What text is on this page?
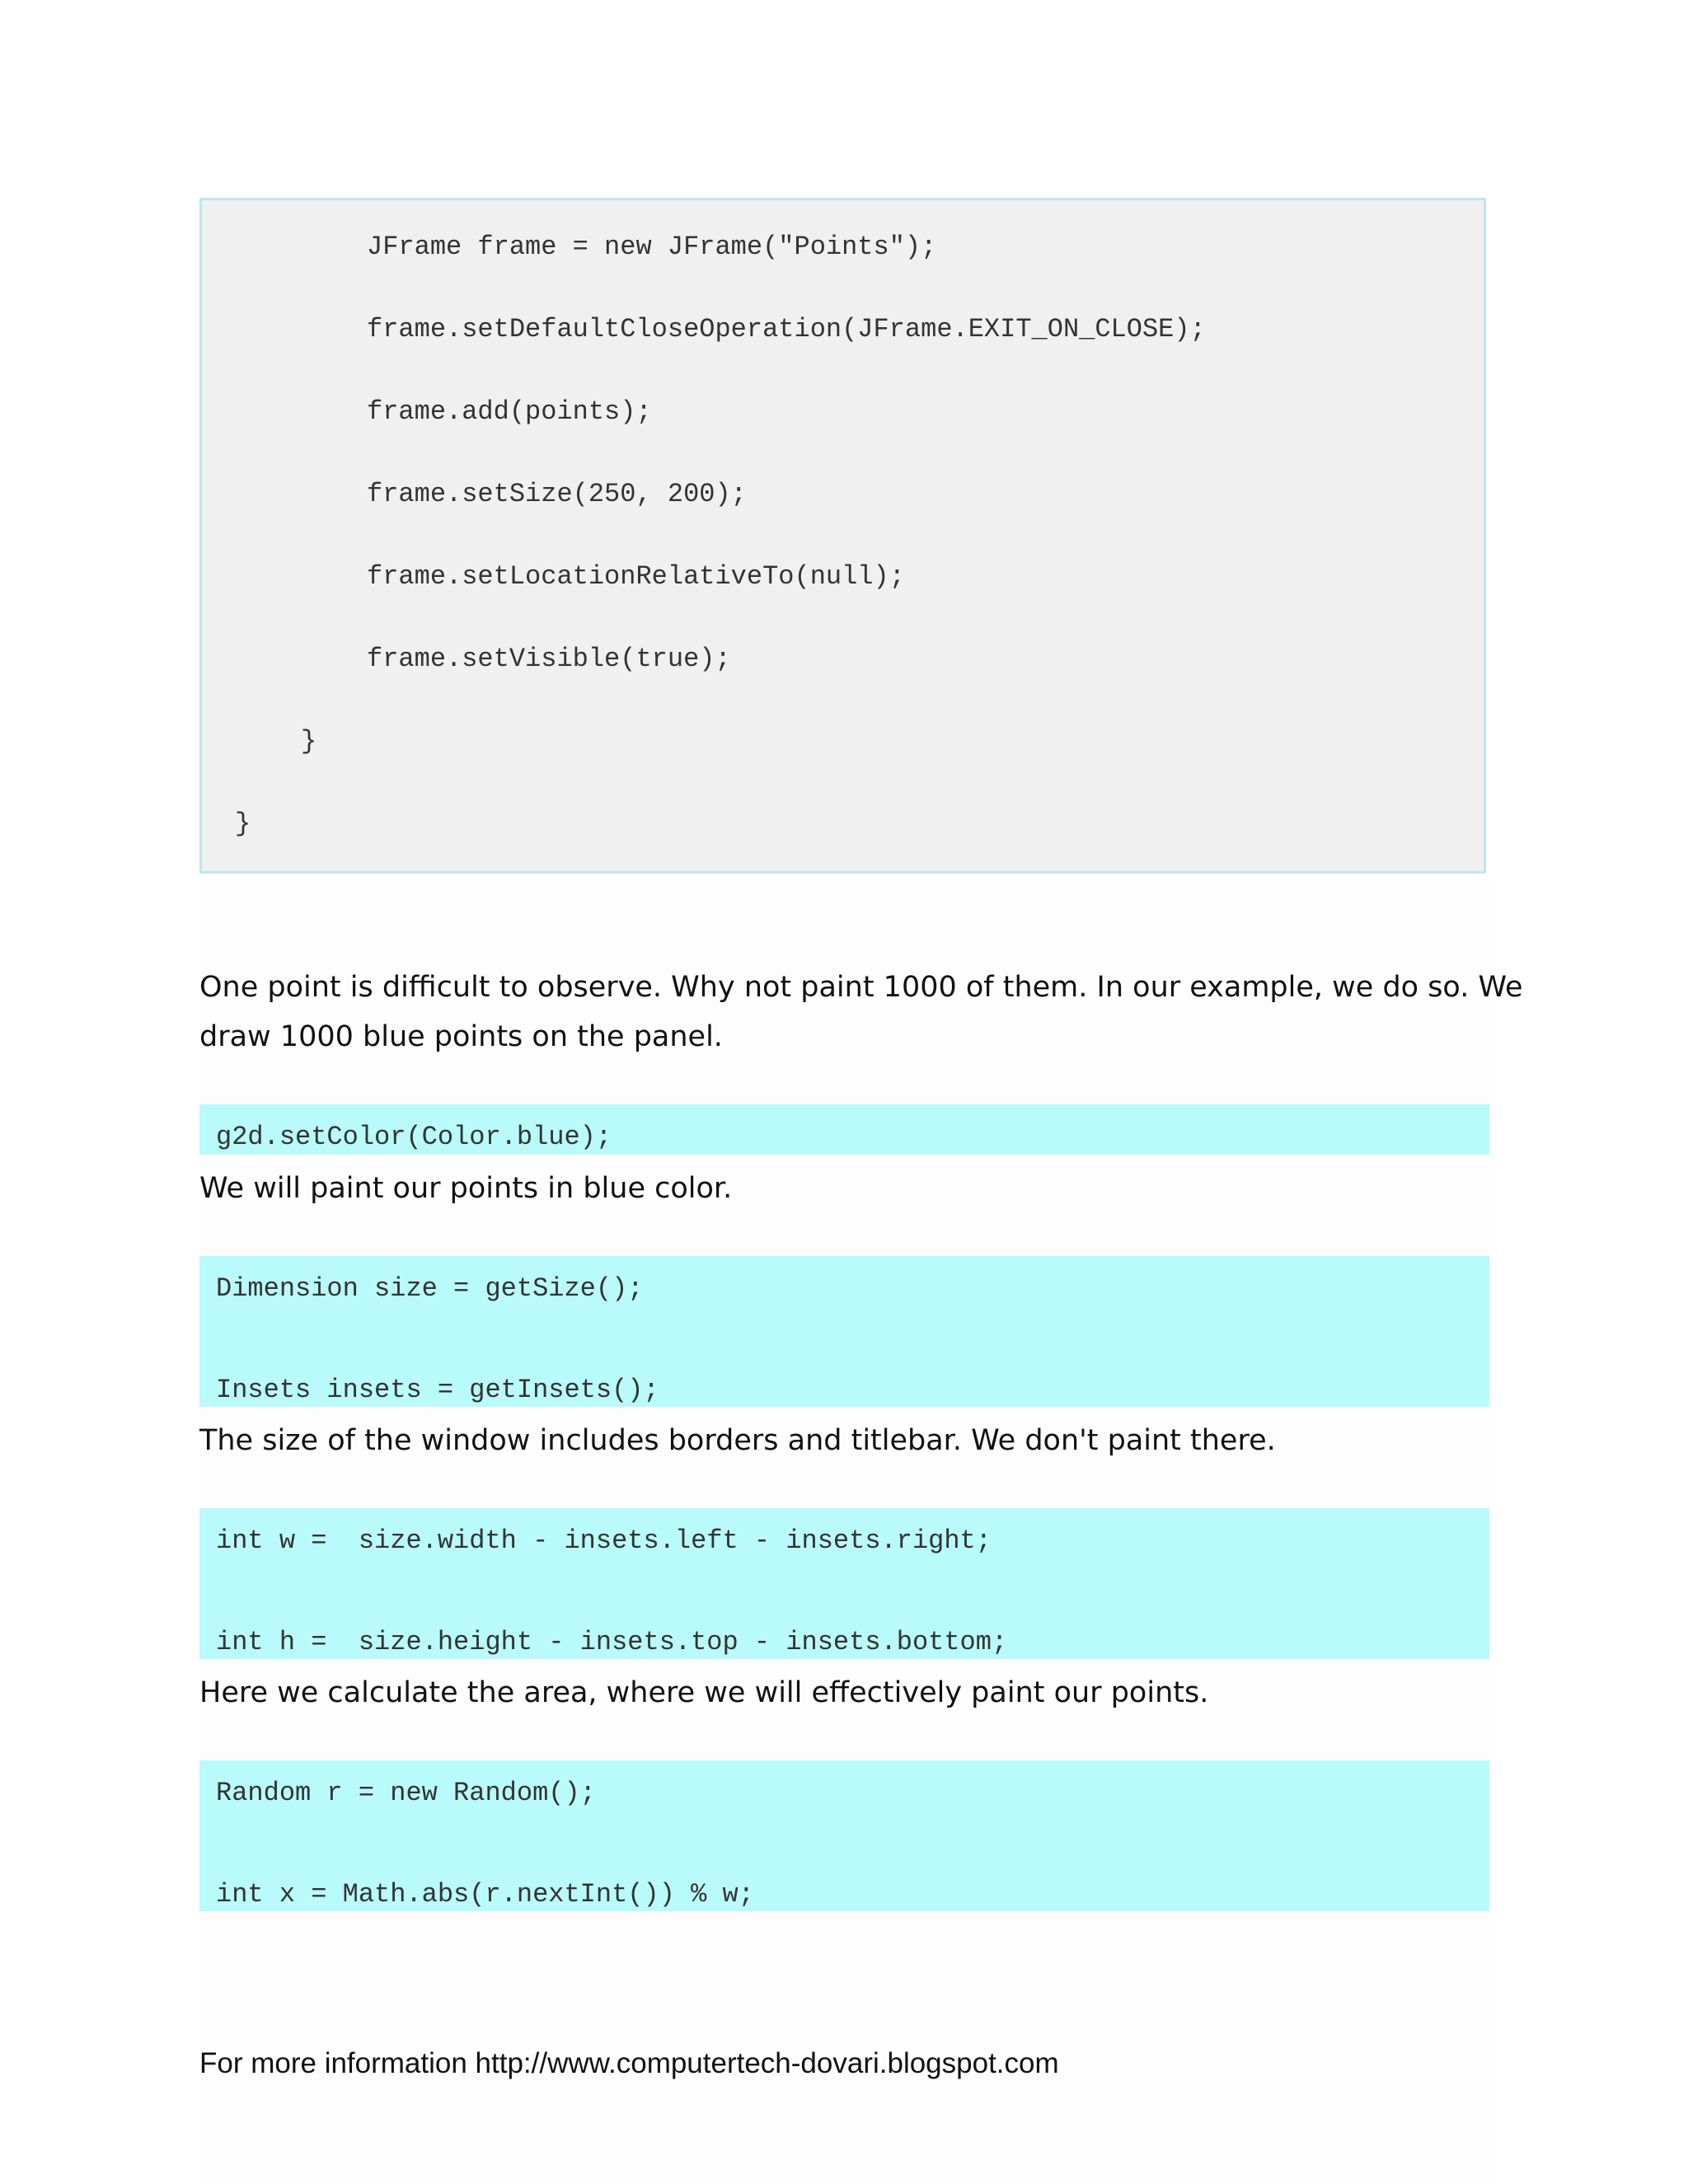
JFrame frame = new JFrame("Points");
frame.setDefaultCloseOperation(JFrame.EXIT_ON_CLOSE);
frame.add(points);
frame.setSize(250, 200);
frame.setLocationRelativeTo(null);
frame.setVisible(true);
}
}
One point is difficult to observe. Why not paint 1000 of them. In our example, we do so. We
draw 1000 blue points on the panel.
g2d.setColor(Color.blue);
We will paint our points in blue color.
Dimension size = getSize();
Insets insets = getInsets();
The size of the window includes borders and titlebar. We don't paint there.
int w =  size.width - insets.left - insets.right;
int h =  size.height - insets.top - insets.bottom;
Here we calculate the area, where we will effectively paint our points.
Random r = new Random();
int x = Math.abs(r.nextInt()) % w;
For more information http://www.computertech-dovari.blogspot.com
